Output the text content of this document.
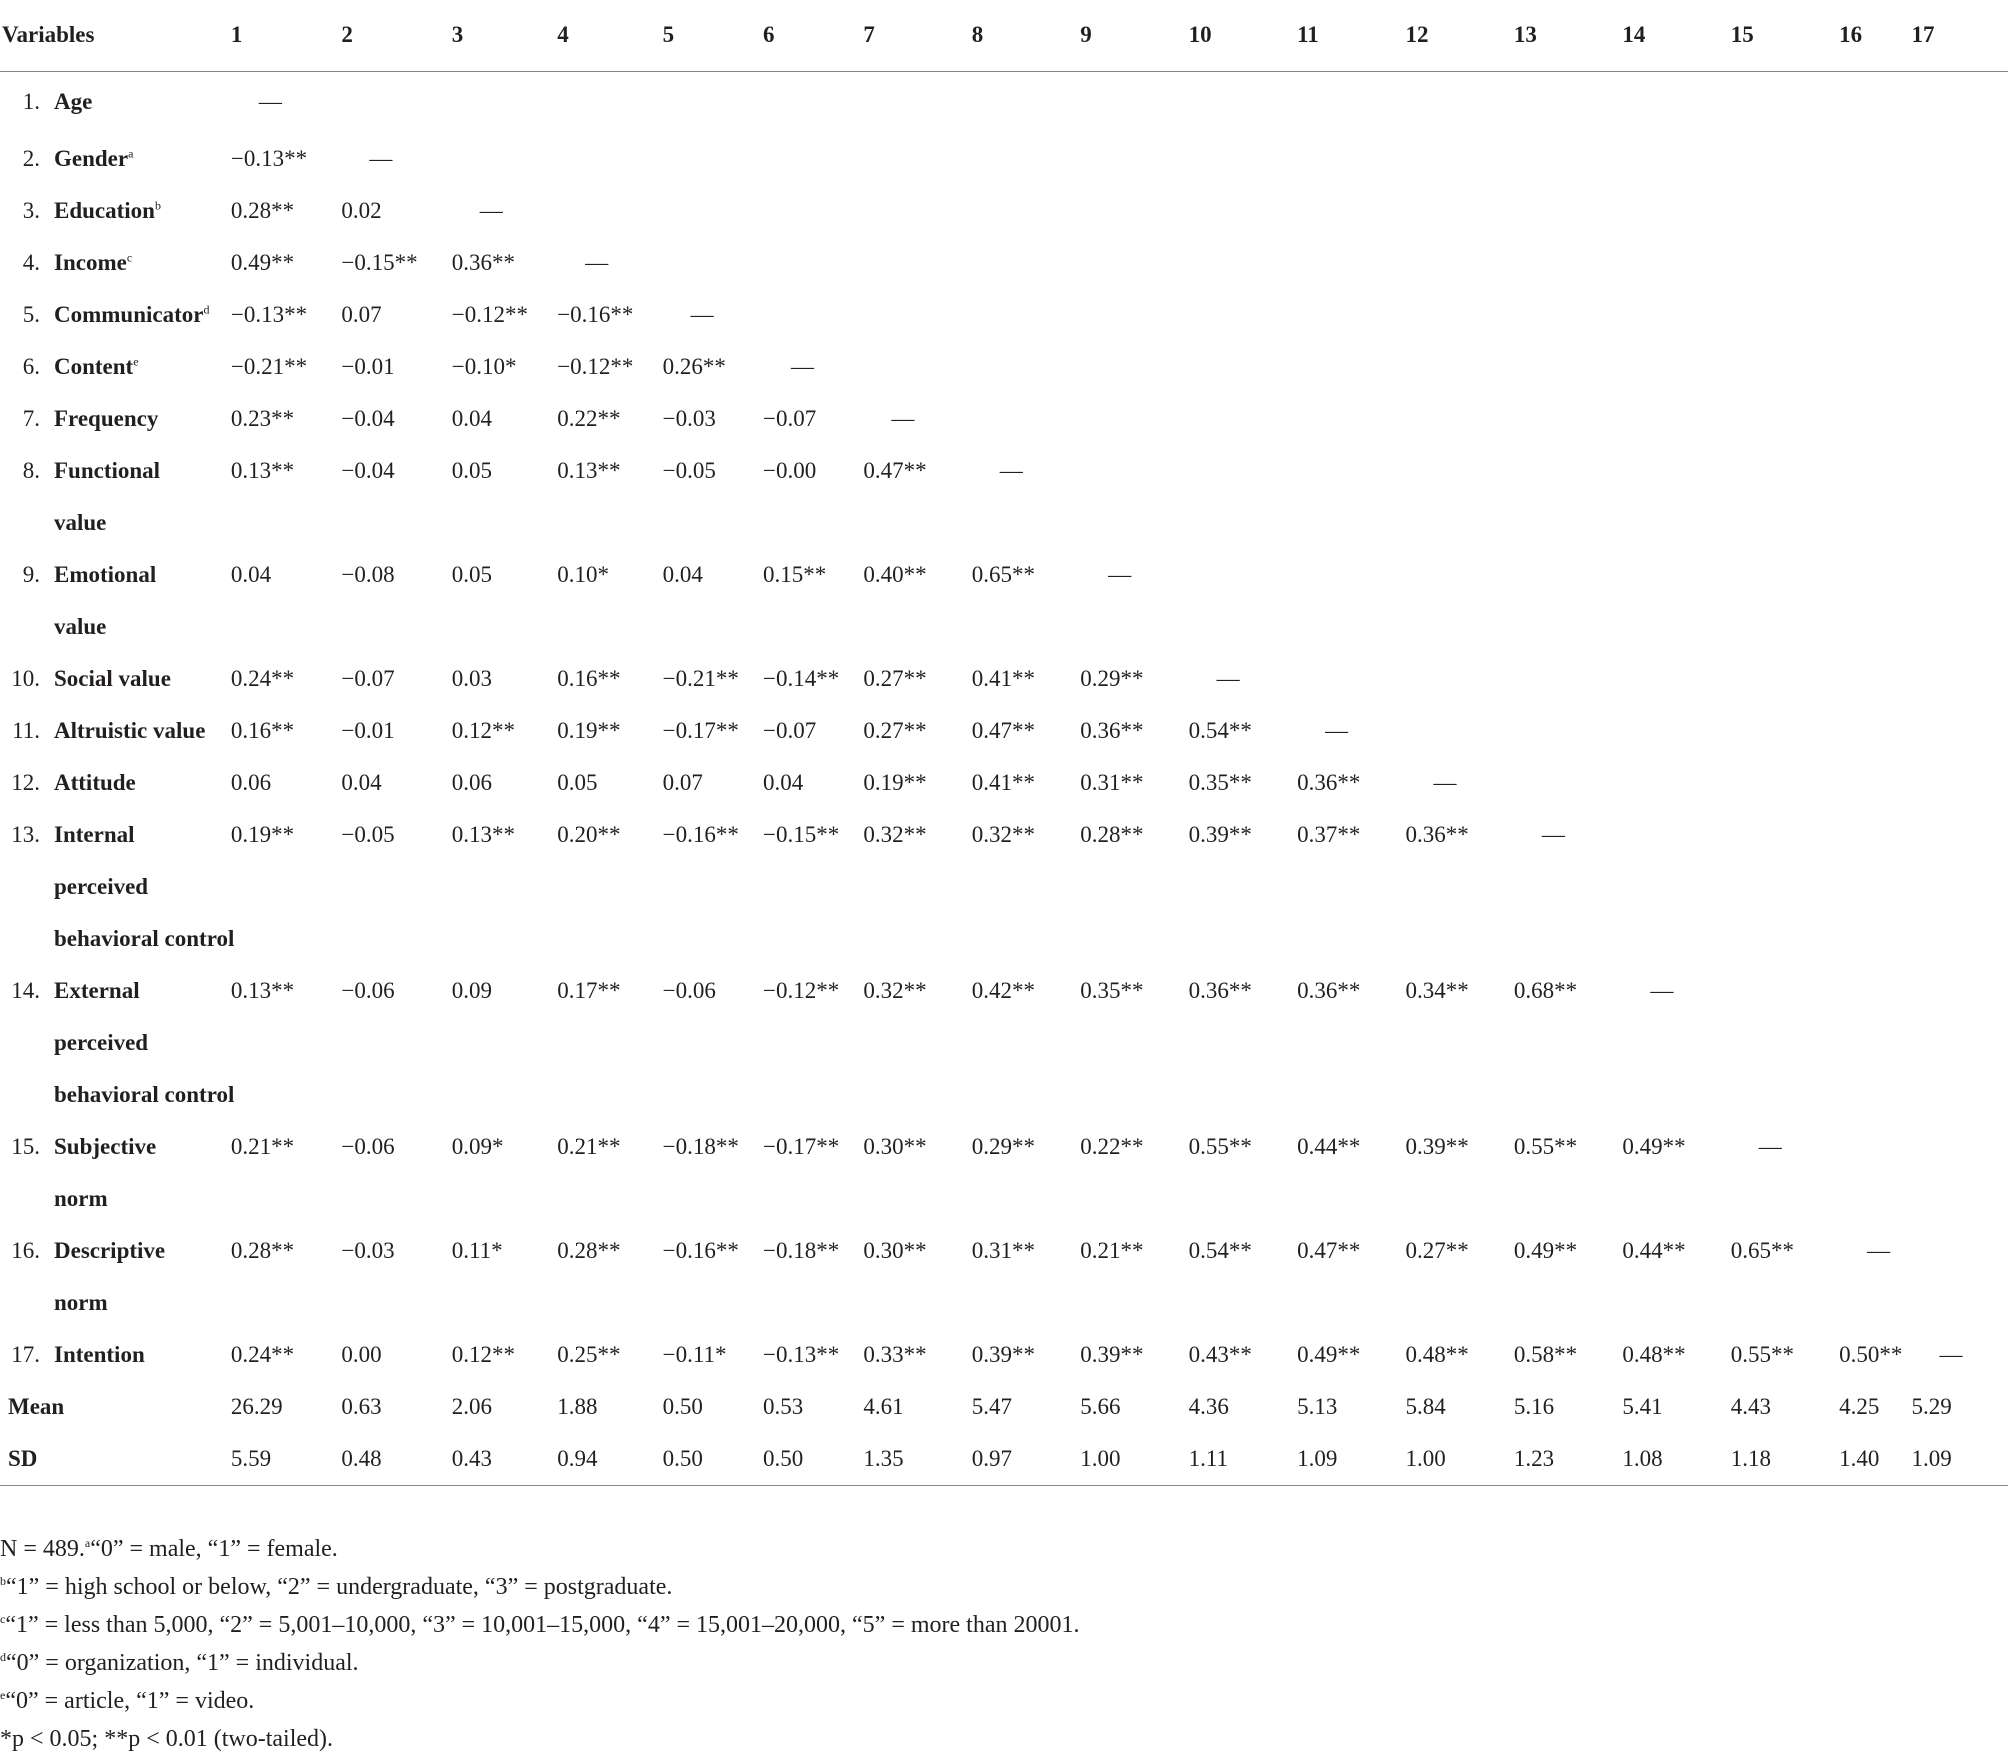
Variables	1	2	3	4	5	6	7	8	9	10	11	12	13	14	15	16	17
1. Age	—																
2. Gender$^a$	−0.13**	—															
3. Education$^b$	0.28**	0.02	—														
4. Income$^c$	0.49**	−0.15**	0.36**	—													
5. Communicator$^d$	−0.13**	0.07	−0.12**	−0.16**	—												
6. Content$^e$	−0.21**	−0.01	−0.10*	−0.12**	0.26**	—											
7. Frequency	0.23**	−0.04	0.04	0.22**	−0.03	−0.07	—										
8. Functional	0.13**	−0.04	0.05	0.13**	−0.05	−0.00	0.47**	—									
value																	
9. Emotional	0.04	−0.08	0.05	0.10*	0.04	0.15**	0.40**	0.65**	—								
value																	
10. Social value	0.24**	−0.07	0.03	0.16**	−0.21**	−0.14**	0.27**	0.41**	0.29**	—							
11. Altruistic value	0.16**	−0.01	0.12**	0.19**	−0.17**	−0.07	0.27**	0.47**	0.36**	0.54**	—						
12. Attitude	0.06	0.04	0.06	0.05	0.07	0.04	0.19**	0.41**	0.31**	0.35**	0.36**	—					
13. Internal	0.19**	−0.05	0.13**	0.20**	−0.16**	−0.15**	0.32**	0.32**	0.28**	0.39**	0.37**	0.36**	—				
perceived																	
behavioral control																	
14. External	0.13**	−0.06	0.09	0.17**	−0.06	−0.12**	0.32**	0.42**	0.35**	0.36**	0.36**	0.34**	0.68**	—			
perceived																	
behavioral control																	
15. Subjective	0.21**	−0.06	0.09*	0.21**	−0.18**	−0.17**	0.30**	0.29**	0.22**	0.55**	0.44**	0.39**	0.55**	0.49**	—		
norm																	
16. Descriptive	0.28**	−0.03	0.11*	0.28**	−0.16**	−0.18**	0.30**	0.31**	0.21**	0.54**	0.47**	0.27**	0.49**	0.44**	0.65**	—	
norm																	
17. Intention	0.24**	0.00	0.12**	0.25**	−0.11*	−0.13**	0.33**	0.39**	0.39**	0.43**	0.49**	0.48**	0.58**	0.48**	0.55**	0.50**	—
Mean	26.29	0.63	2.06	1.88	0.50	0.53	4.61	5.47	5.66	4.36	5.13	5.84	5.16	5.41	4.43	4.25	5.29
SD	5.59	0.48	0.43	0.94	0.50	0.50	1.35	0.97	1.00	1.11	1.09	1.00	1.23	1.08	1.18	1.40	1.09

N = 489.$^a$“0” = male, “1” = female.

$^b$“1” = high school or below, “2” = undergraduate, “3” = postgraduate.

$^c$“1” = less than 5,000, “2” = 5,001–10,000, “3” = 10,001–15,000, “4” = 15,001–20,000, “5” = more than 20001.

$^d$“0” = organization, “1” = individual.

$^e$“0” = article, “1” = video.

*p < 0.05; **p < 0.01 (two-tailed).
